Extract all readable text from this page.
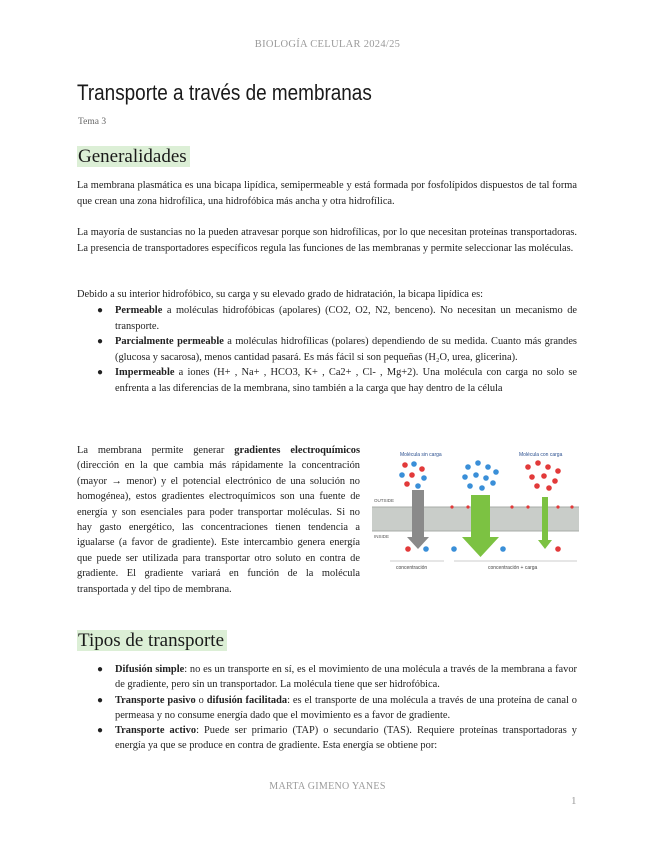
BIOLOGÍA CELULAR 2024/25
Transporte a través de membranas
Tema 3
Generalidades
La membrana plasmática es una bicapa lipídica, semipermeable y está formada por fosfolípidos dispuestos de tal forma que crean una zona hidrofílica, una hidrofóbica más ancha y otra hidrofílica.
La mayoría de sustancias no la pueden atravesar porque son hidrofílicas, por lo que necesitan proteínas transportadoras. La presencia de transportadores específicos regula las funciones de las membranas y permite seleccionar las moléculas.
Debido a su interior hidrofóbico, su carga y su elevado grado de hidratación, la bicapa lipídica es:
● Permeable a moléculas hidrofóbicas (apolares) (CO2, O2, N2, benceno). No necesitan un mecanismo de transporte.
● Parcialmente permeable a moléculas hidrofílicas (polares) dependiendo de su medida. Cuanto más grandes (glucosa y sacarosa), menos cantidad pasará. Es más fácil si son pequeñas (H₂O, urea, glicerina).
● Impermeable a iones (H+ , Na+ , HCO3, K+ , Ca2+ , Cl- , Mg+2). Una molécula con carga no solo se enfrenta a las diferencias de la membrana, sino también a la carga que hay dentro de la célula
La membrana permite generar gradientes electroquímicos (dirección en la que cambia más rápidamente la concentración (mayor → menor) y el potencial electrónico de una solución no homogénea), estos gradientes electroquímicos son una fuente de energía y son esenciales para poder transportar moléculas. Si no hay gasto energético, las concentraciones tienen tendencia a igualarse (a favor de gradiente). Este intercambio genera energía que puede ser utilizada para transportar otro soluto en contra de gradiente. El gradiente variará en función de la molécula transportada y del tipo de membrana.
Molécula sin carga	Molécula con carga
OUTSIDE
INSIDE
concentración	concentración + carga
Tipos de transporte
● Difusión simple: no es un transporte en sí, es el movimiento de una molécula a través de la membrana a favor de gradiente, pero sin un transportador. La molécula tiene que ser hidrofóbica.
● Transporte pasivo o difusión facilitada: es el transporte de una molécula a través de una proteína de canal o permeasa y no consume energía dado que el movimiento es a favor de gradiente.
● Transporte activo: Puede ser primario (TAP) o secundario (TAS). Requiere proteínas transportadoras y energía ya que se produce en contra de gradiente. Esta energía se obtiene por:
MARTA GIMENO YANES
1
